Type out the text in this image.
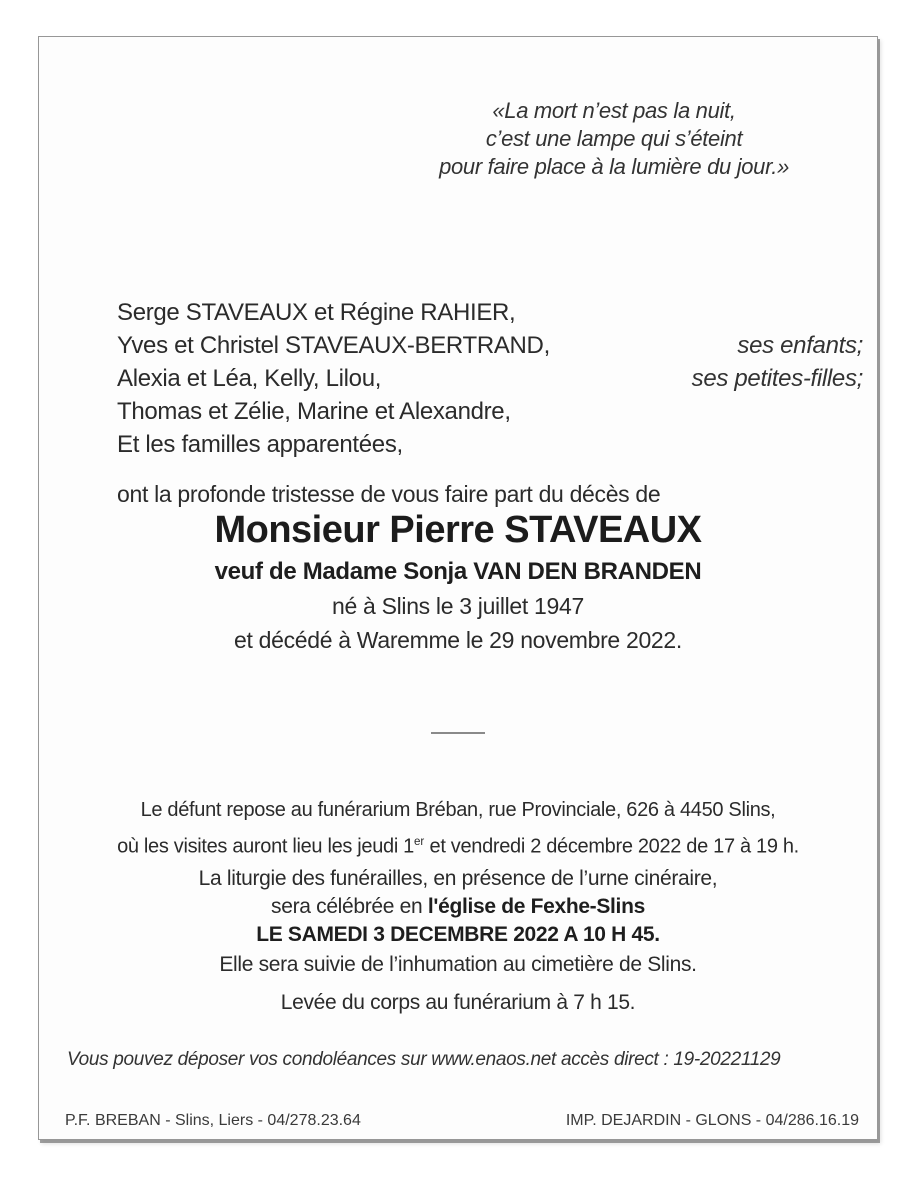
«La mort n’est pas la nuit,
c’est une lampe qui s’éteint
pour faire place à la lumière du jour.»
Serge STAVEAUX et Régine RAHIER,
Yves et Christel STAVEAUX-BERTRAND,	ses enfants;
Alexia et Léa, Kelly, Lilou,	ses petites-filles;
Thomas et Zélie, Marine et Alexandre,
Et les familles apparentées,
ont la profonde tristesse de vous faire part du décès de
Monsieur Pierre STAVEAUX
veuf de Madame Sonja VAN DEN BRANDEN
né à Slins le 3 juillet 1947
et décédé à Waremme le 29 novembre 2022.
Le défunt repose au funérarium Bréban, rue Provinciale, 626 à 4450 Slins,
où les visites auront lieu les jeudi 1er et vendredi 2 décembre 2022 de 17 à 19 h.
La liturgie des funérailles, en présence de l’urne cinéraire,
sera célébrée en l'église de Fexhe-Slins
LE SAMEDI 3 DECEMBRE 2022 A 10 H 45.
Elle sera suivie de l’inhumation au cimetière de Slins.
Levée du corps au funérarium à 7 h 15.
Vous pouvez déposer vos condoléances sur www.enaos.net accès direct : 19-20221129
P.F. BREBAN - Slins, Liers - 04/278.23.64	IMP. DEJARDIN - GLONS - 04/286.16.19
